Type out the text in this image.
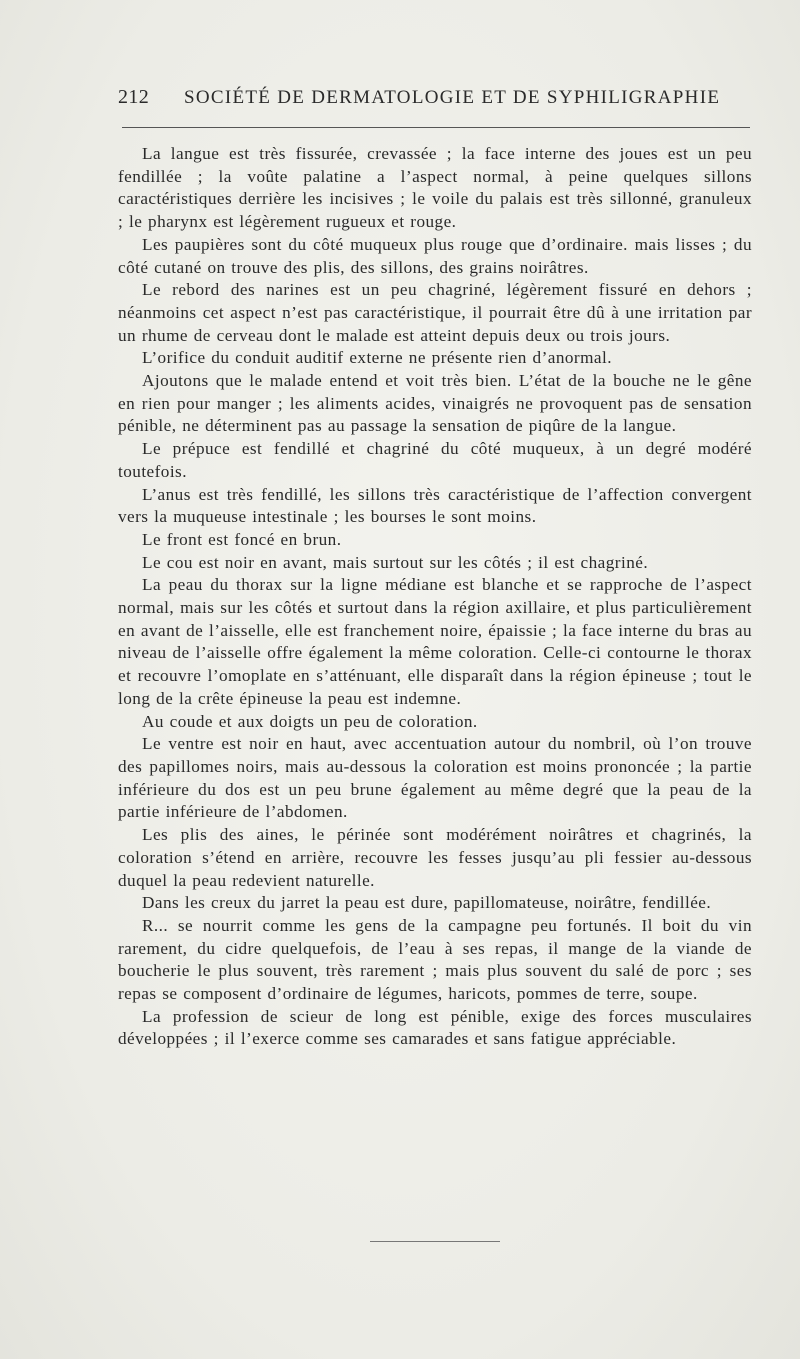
212 SOCIÉTÉ DE DERMATOLOGIE ET DE SYPHILIGRAPHIE

La langue est très fissurée, crevassée ; la face interne des joues est un peu fendillée ; la voûte palatine a l’aspect normal, à peine quelques sillons caractéristiques derrière les incisives ; le voile du palais est très sillonné, granuleux ; le pharynx est légèrement rugueux et rouge.

Les paupières sont du côté muqueux plus rouge que d’ordinaire. mais lisses ; du côté cutané on trouve des plis, des sillons, des grains noirâtres.

Le rebord des narines est un peu chagriné, légèrement fissuré en dehors ; néanmoins cet aspect n’est pas caractéristique, il pourrait être dû à une irritation par un rhume de cerveau dont le malade est atteint depuis deux ou trois jours.

L’orifice du conduit auditif externe ne présente rien d’anormal.

Ajoutons que le malade entend et voit très bien. L’état de la bouche ne le gêne en rien pour manger ; les aliments acides, vinaigrés ne provoquent pas de sensation pénible, ne déterminent pas au passage la sensation de piqûre de la langue.

Le prépuce est fendillé et chagriné du côté muqueux, à un degré modéré toutefois.

L’anus est très fendillé, les sillons très caractéristique de l’affection convergent vers la muqueuse intestinale ; les bourses le sont moins.

Le front est foncé en brun.

Le cou est noir en avant, mais surtout sur les côtés ; il est chagriné.

La peau du thorax sur la ligne médiane est blanche et se rapproche de l’aspect normal, mais sur les côtés et surtout dans la région axillaire, et plus particulièrement en avant de l’aisselle, elle est franchement noire, épaissie ; la face interne du bras au niveau de l’aisselle offre également la même coloration. Celle-ci contourne le thorax et recouvre l’omoplate en s’atténuant, elle disparaît dans la région épineuse ; tout le long de la crête épineuse la peau est indemne.

Au coude et aux doigts un peu de coloration.

Le ventre est noir en haut, avec accentuation autour du nombril, où l’on trouve des papillomes noirs, mais au-dessous la coloration est moins prononcée ; la partie inférieure du dos est un peu brune également au même degré que la peau de la partie inférieure de l’abdomen.

Les plis des aines, le périnée sont modérément noirâtres et chagrinés, la coloration s’étend en arrière, recouvre les fesses jusqu’au pli fessier au-dessous duquel la peau redevient naturelle.

Dans les creux du jarret la peau est dure, papillomateuse, noirâtre, fendillée.

R... se nourrit comme les gens de la campagne peu fortunés. Il boit du vin rarement, du cidre quelquefois, de l’eau à ses repas, il mange de la viande de boucherie le plus souvent, très rarement ; mais plus souvent du salé de porc ; ses repas se composent d’ordinaire de légumes, haricots, pommes de terre, soupe.

La profession de scieur de long est pénible, exige des forces musculaires développées ; il l’exerce comme ses camarades et sans fatigue appréciable.
